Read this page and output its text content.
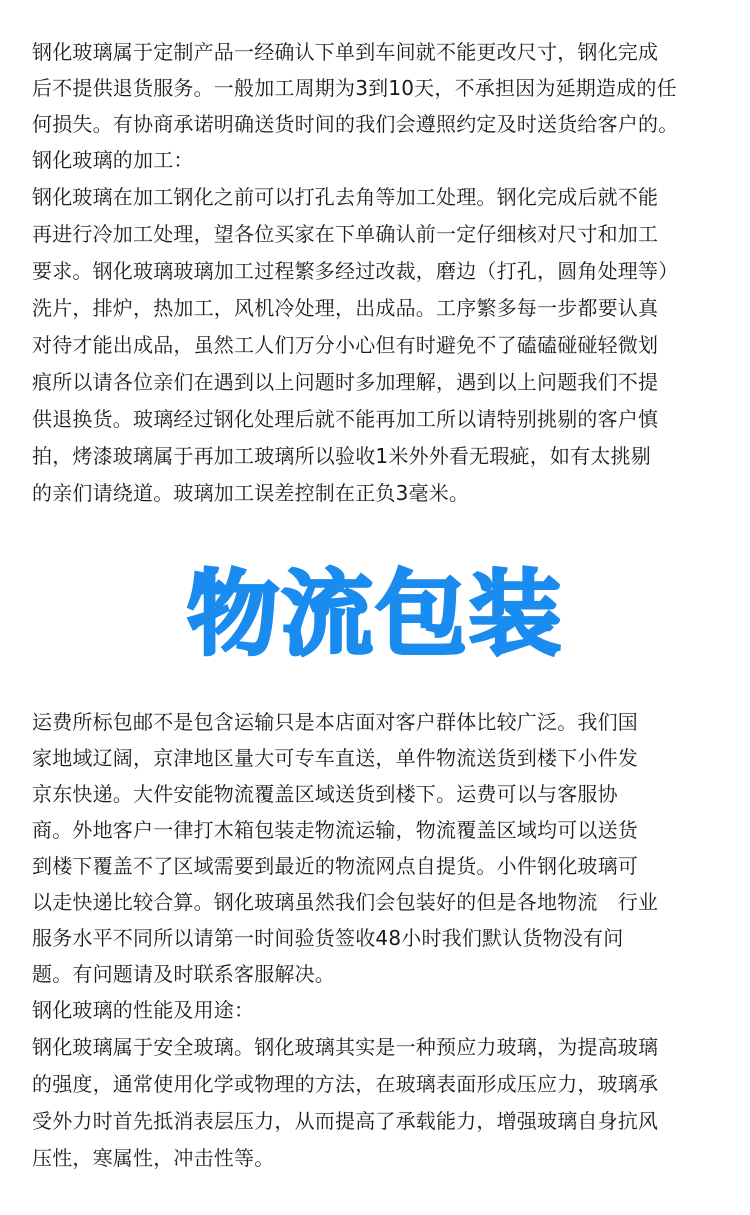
钢化玻璃属于定制产品一经确认下单到车间就不能更改尺寸，钢化完成
后不提供退货服务。一般加工周期为3到10天，不承担因为延期造成的任
何损失。有协商承诺明确送货时间的我们会遵照约定及时送货给客户的。
钢化玻璃的加工：
钢化玻璃在加工钢化之前可以打孔去角等加工处理。钢化完成后就不能
再进行冷加工处理，望各位买家在下单确认前一定仔细核对尺寸和加工
要求。钢化玻璃玻璃加工过程繁多经过改裁，磨边（打孔，圆角处理等）
洗片，排炉，热加工，风机冷处理，出成品。工序繁多每一步都要认真
对待才能出成品，虽然工人们万分小心但有时避免不了磕磕碰碰轻微划
痕所以请各位亲们在遇到以上问题时多加理解，遇到以上问题我们不提
供退换货。玻璃经过钢化处理后就不能再加工所以请特别挑剔的客户慎
拍，烤漆玻璃属于再加工玻璃所以验收1米外外看无瑕疵，如有太挑剔
的亲们请绕道。玻璃加工误差控制在正负3毫米。
物流包装
运费所标包邮不是包含运输只是本店面对客户群体比较广泛。我们国
家地域辽阔，京津地区量大可专车直送，单件物流送货到楼下小件发
京东快递。大件安能物流覆盖区域送货到楼下。运费可以与客服协
商。外地客户一律打木箱包装走物流运输，物流覆盖区域均可以送货
到楼下覆盖不了区域需要到最近的物流网点自提货。小件钢化玻璃可
以走快递比较合算。钢化玻璃虽然我们会包装好的但是各地物流　行业
服务水平不同所以请第一时间验货签收48小时我们默认货物没有问
题。有问题请及时联系客服解决。
钢化玻璃的性能及用途：
钢化玻璃属于安全玻璃。钢化玻璃其实是一种预应力玻璃，为提高玻璃
的强度，通常使用化学或物理的方法，在玻璃表面形成压应力，玻璃承
受外力时首先抵消表层压力，从而提高了承载能力，增强玻璃自身抗风
压性，寒属性，冲击性等。
